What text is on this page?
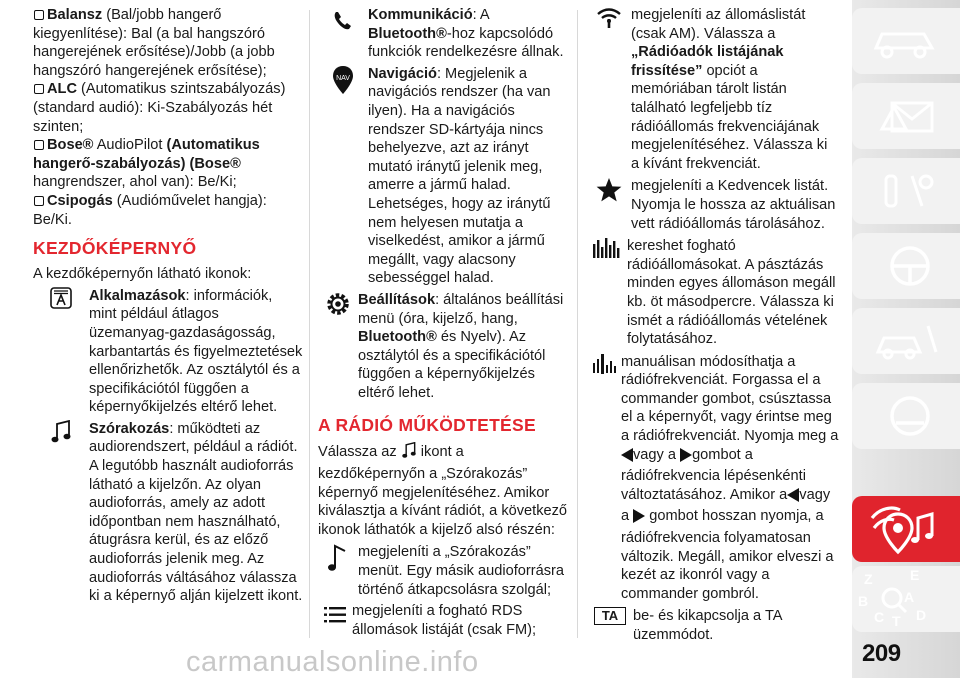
Balansz (Bal/jobb hangerő
kiegyenlítése): Bal (a bal hangszóró hangerejének erősítése)/Jobb (a jobb hangszóró hangerejének erősítése);

ALC (Automatikus szintszabályozás)
(standard audió): Ki-Szabályozás hét szinten;

Bose® AudioPilot (Automatikus hangerő-szabályozás) (Bose®
hangrendszer, ahol van): Be/Ki;

Csipogás (Audióművelet hangja):
Be/Ki.

KEZDŐKÉPERNYŐ

A kezdőképernyőn látható ikonok:

Alkalmazások: információk, mint például átlagos üzemanyag-gazdaságosság, karbantartás és figyelmeztetések ellenőrizhetők. Az osztálytól és a specifikációtól függően a képernyőkijelzés eltérő lehet.
Szórakozás: működteti az audiorendszert, például a rádiót. A legutóbb használt audioforrás látható a kijelzőn. Az olyan audioforrás, amely az adott időpontban nem használható, átugrásra kerül, és az előző audioforrás jelenik meg. Az audioforrás váltásához válassza ki a képernyő alján kijelzett ikont.
Kommunikáció: A
Bluetooth®-hoz kapcsolódó funkciók rendelkezésre állnak.
NAV Navigáció: Megjelenik a navigációs rendszer (ha van ilyen). Ha a navigációs rendszer SD-kártyája nincs behelyezve, azt az irányt mutató iránytű jelenik meg, amerre a jármű halad. Lehetséges, hogy az iránytű nem helyesen mutatja a viselkedést, amikor a jármű megállt, vagy alacsony sebességgel halad.
Beállítások: általános beállítási menü (óra, kijelző, hang, Bluetooth® és Nyelv). Az osztálytól és a specifikációtól függően a képernyőkijelzés eltérő lehet.
A RÁDIÓ MŰKÖDTETÉSE

Válassza az  ikont a kezdőképernyőn a „Szórakozás” képernyő megjelenítéséhez. Amikor kiválasztja a kívánt rádiót, a következő ikonok láthatók a kijelző alsó részén:

megjeleníti a „Szórakozás” menüt. Egy másik audioforrásra történő átkapcsolásra szolgál;
megjeleníti a fogható RDS állomások listáját (csak FM);
megjeleníti az állomáslistát (csak AM). Válassza a „Rádióadók listájának frissítése” opciót a memóriában tárolt listán található legfeljebb tíz rádióállomás frekvenciájának megjelenítéséhez. Válassza ki a kívánt frekvenciát.
megjeleníti a Kedvencek listát. Nyomja le hossza az aktuálisan vett rádióállomás tárolásához.
kereshet fogható rádióállomásokat. A pásztázás minden egyes állomáson megáll kb. öt másodpercre. Válassza ki ismét a rádióállomás vételének folytatásához.
manuálisan módosíthatja a rádiófrekvenciát. Forgassa el a commander gombot, csúsztassa el a képernyőt, vagy érintse meg a rádiófrekvenciát. Nyomja meg a
vagy a gombot a rádiófrekvencia lépésenkénti változtatásához. Amikor a vagy
a gombot hosszan nyomja, a rádiófrekvencia folyamatosan változik. Megáll, amikor elveszi a kezét az ikonról vagy a commander gombról.
TA	be- és kikapcsolja a TA üzemmódot.
Z	E
B	A
C T D
carmanualsonline.info	209
